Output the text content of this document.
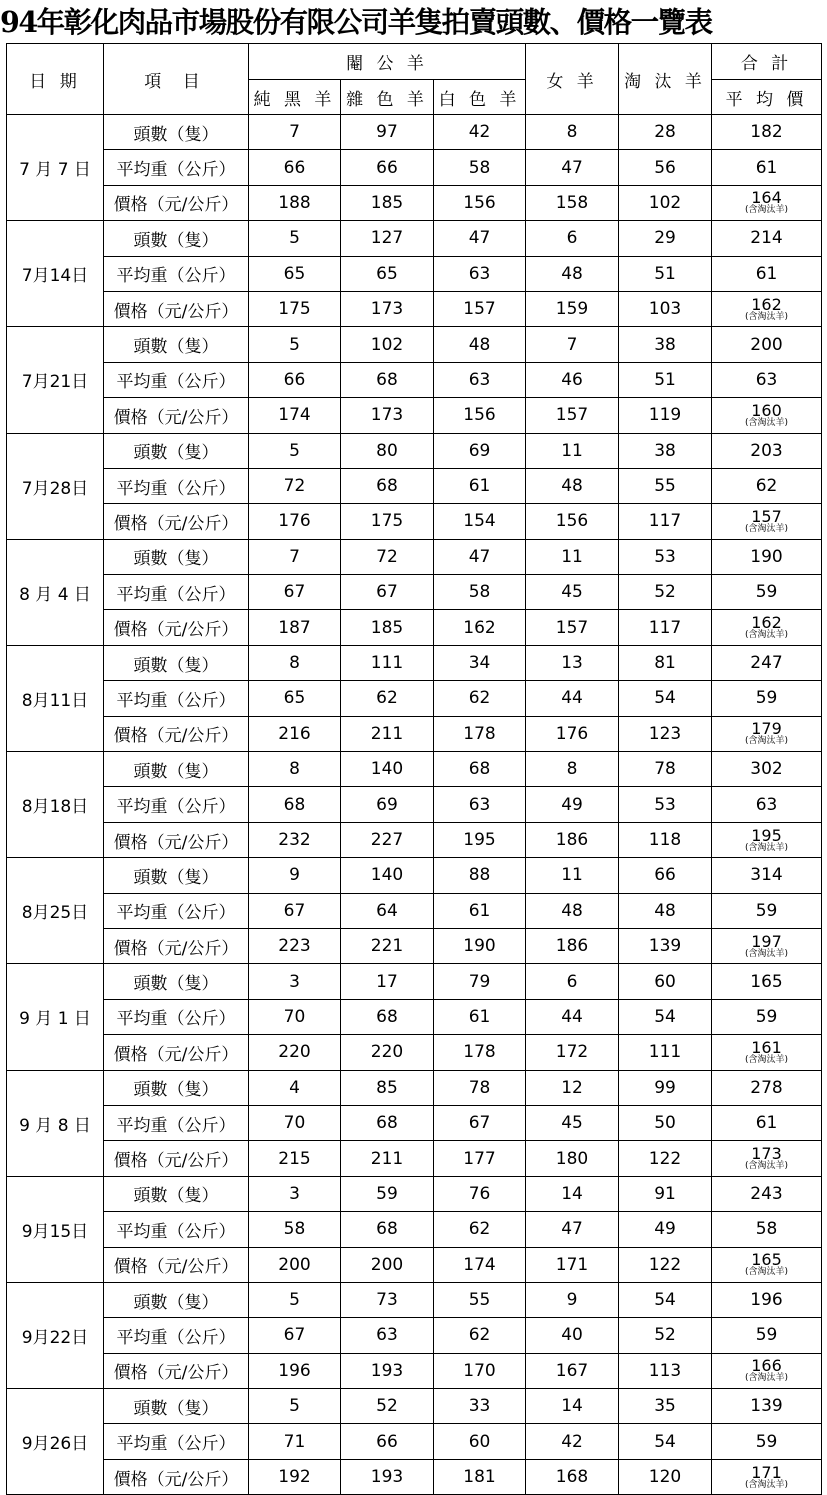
94年彰化肉品市場股份有限公司羊隻拍賣頭數、價格一覽表
日 期	項 目	閹 公 羊			女 羊	淘 汰 羊	合 計
		純 黑 羊	雜 色 羊	白 色 羊			平 均 價
7 月 7 日	頭數（隻）	7	97	42	8	28	182
	平均重（公斤）	66	66	58	47	56	61
	價格（元/公斤）	188	185	156	158	102	164
(含淘汰羊)

7月14日	頭數（隻）	5	127	47	6	29	214
	平均重（公斤）	65	65	63	48	51	61
	價格（元/公斤）	175	173	157	159	103	162
(含淘汰羊)

7月21日	頭數（隻）	5	102	48	7	38	200
	平均重（公斤）	66	68	63	46	51	63
	價格（元/公斤）	174	173	156	157	119	160
(含淘汰羊)

7月28日	頭數（隻）	5	80	69	11	38	203
	平均重（公斤）	72	68	61	48	55	62
	價格（元/公斤）	176	175	154	156	117	157
(含淘汰羊)

8 月 4 日	頭數（隻）	7	72	47	11	53	190
	平均重（公斤）	67	67	58	45	52	59
	價格（元/公斤）	187	185	162	157	117	162
(含淘汰羊)

8月11日	頭數（隻）	8	111	34	13	81	247
	平均重（公斤）	65	62	62	44	54	59
	價格（元/公斤）	216	211	178	176	123	179
(含淘汰羊)

8月18日	頭數（隻）	8	140	68	8	78	302
	平均重（公斤）	68	69	63	49	53	63
	價格（元/公斤）	232	227	195	186	118	195
(含淘汰羊)

8月25日	頭數（隻）	9	140	88	11	66	314
	平均重（公斤）	67	64	61	48	48	59
	價格（元/公斤）	223	221	190	186	139	197
(含淘汰羊)

9 月 1 日	頭數（隻）	3	17	79	6	60	165
	平均重（公斤）	70	68	61	44	54	59
	價格（元/公斤）	220	220	178	172	111	161
(含淘汰羊)

9 月 8 日	頭數（隻）	4	85	78	12	99	278
	平均重（公斤）	70	68	67	45	50	61
	價格（元/公斤）	215	211	177	180	122	173
(含淘汰羊)

9月15日	頭數（隻）	3	59	76	14	91	243
	平均重（公斤）	58	68	62	47	49	58
	價格（元/公斤）	200	200	174	171	122	165
(含淘汰羊)

9月22日	頭數（隻）	5	73	55	9	54	196
	平均重（公斤）	67	63	62	40	52	59
	價格（元/公斤）	196	193	170	167	113	166
(含淘汰羊)

9月26日	頭數（隻）	5	52	33	14	35	139
	平均重（公斤）	71	66	60	42	54	59
	價格（元/公斤）	192	193	181	168	120	171
(含淘汰羊)
